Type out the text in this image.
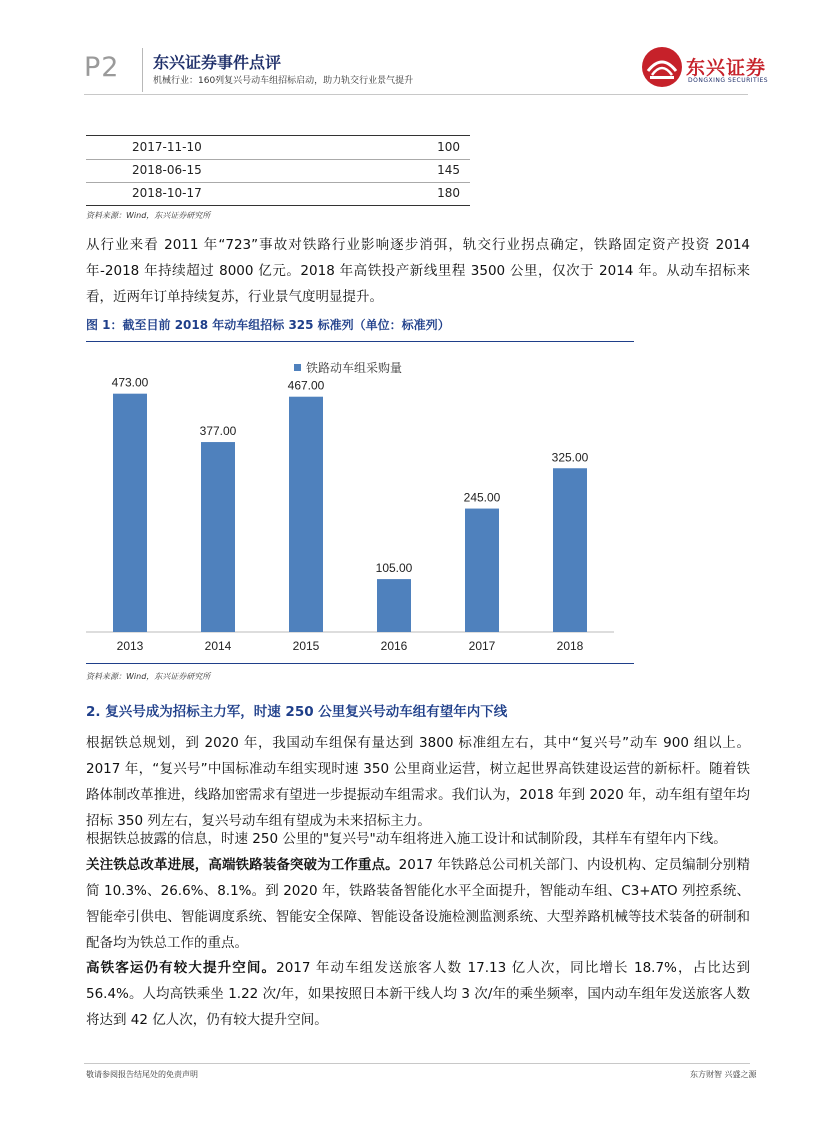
P2 东兴证券事件点评
机械行业：160列复兴号动车组招标启动，助力轨交行业景气提升
东兴证券
DONGXING SECURITIES
2017-11-10	100
2018-06-15	145
2018-10-17	180
资料来源：Wind，东兴证券研究所
从行业来看 2011 年“723”事故对铁路行业影响逐步消弭，轨交行业拐点确定，铁路固定资产投资 2014 年-2018 年持续超过 8000 亿元。2018 年高铁投产新线里程 3500 公里，仅次于 2014 年。从动车招标来看，近两年订单持续复苏，行业景气度明显提升。
图 1：截至目前 2018 年动车组招标 325 标准列（单位：标准列）
铁路动车组采购量
473.00
2013
377.00
2014
467.00
2015
105.00
2016
245.00
2017
325.00
2018
资料来源：Wind，东兴证券研究所
2. 复兴号成为招标主力军，时速 250 公里复兴号动车组有望年内下线
根据铁总规划，到 2020 年，我国动车组保有量达到 3800 标准组左右，其中“复兴号”动车 900 组以上。2017 年，“复兴号”中国标准动车组实现时速 350 公里商业运营，树立起世界高铁建设运营的新标杆。随着铁路体制改革推进，线路加密需求有望进一步提振动车组需求。我们认为，2018 年到 2020 年，动车组有望年均招标 350 列左右，复兴号动车组有望成为未来招标主力。
根据铁总披露的信息，时速 250 公里的"复兴号"动车组将进入施工设计和试制阶段，其样车有望年内下线。
关注铁总改革进展，高端铁路装备突破为工作重点。2017 年铁路总公司机关部门、内设机构、定员编制分别精简 10.3%、26.6%、8.1%。到 2020 年，铁路装备智能化水平全面提升，智能动车组、C3+ATO 列控系统、智能牵引供电、智能调度系统、智能安全保障、智能设备设施检测监测系统、大型养路机械等技术装备的研制和配备均为铁总工作的重点。
高铁客运仍有较大提升空间。2017 年动车组发送旅客人数 17.13 亿人次，同比增长 18.7%，占比达到 56.4%。人均高铁乘坐 1.22 次/年，如果按照日本新干线人均 3 次/年的乘坐频率，国内动车组年发送旅客人数将达到 42 亿人次，仍有较大提升空间。
敬请参阅报告结尾处的免责声明	东方财智 兴盛之源
